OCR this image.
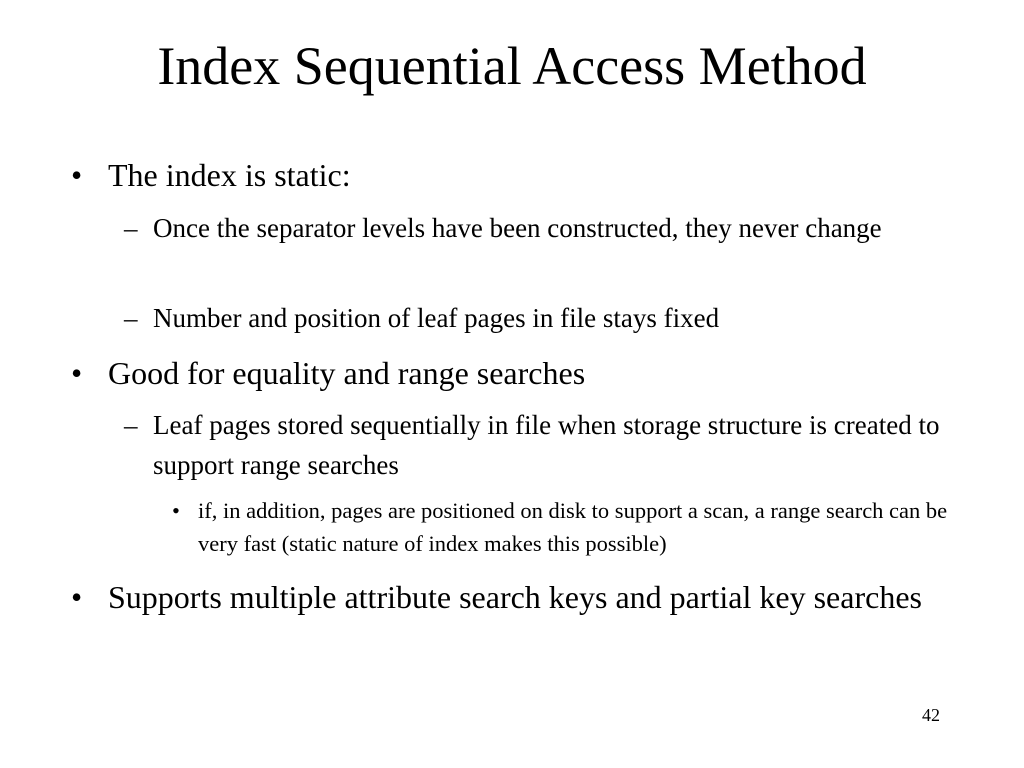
Index Sequential Access Method
• The index is static:
– Once the separator levels have been constructed, they never change
– Number and position of leaf pages in file stays fixed
• Good for equality and range searches
– Leaf pages stored sequentially in file when storage structure is created to support range searches
• if, in addition, pages are positioned on disk to support a scan, a range search can be very fast (static nature of index makes this possible)
• Supports multiple attribute search keys and partial key searches
42
